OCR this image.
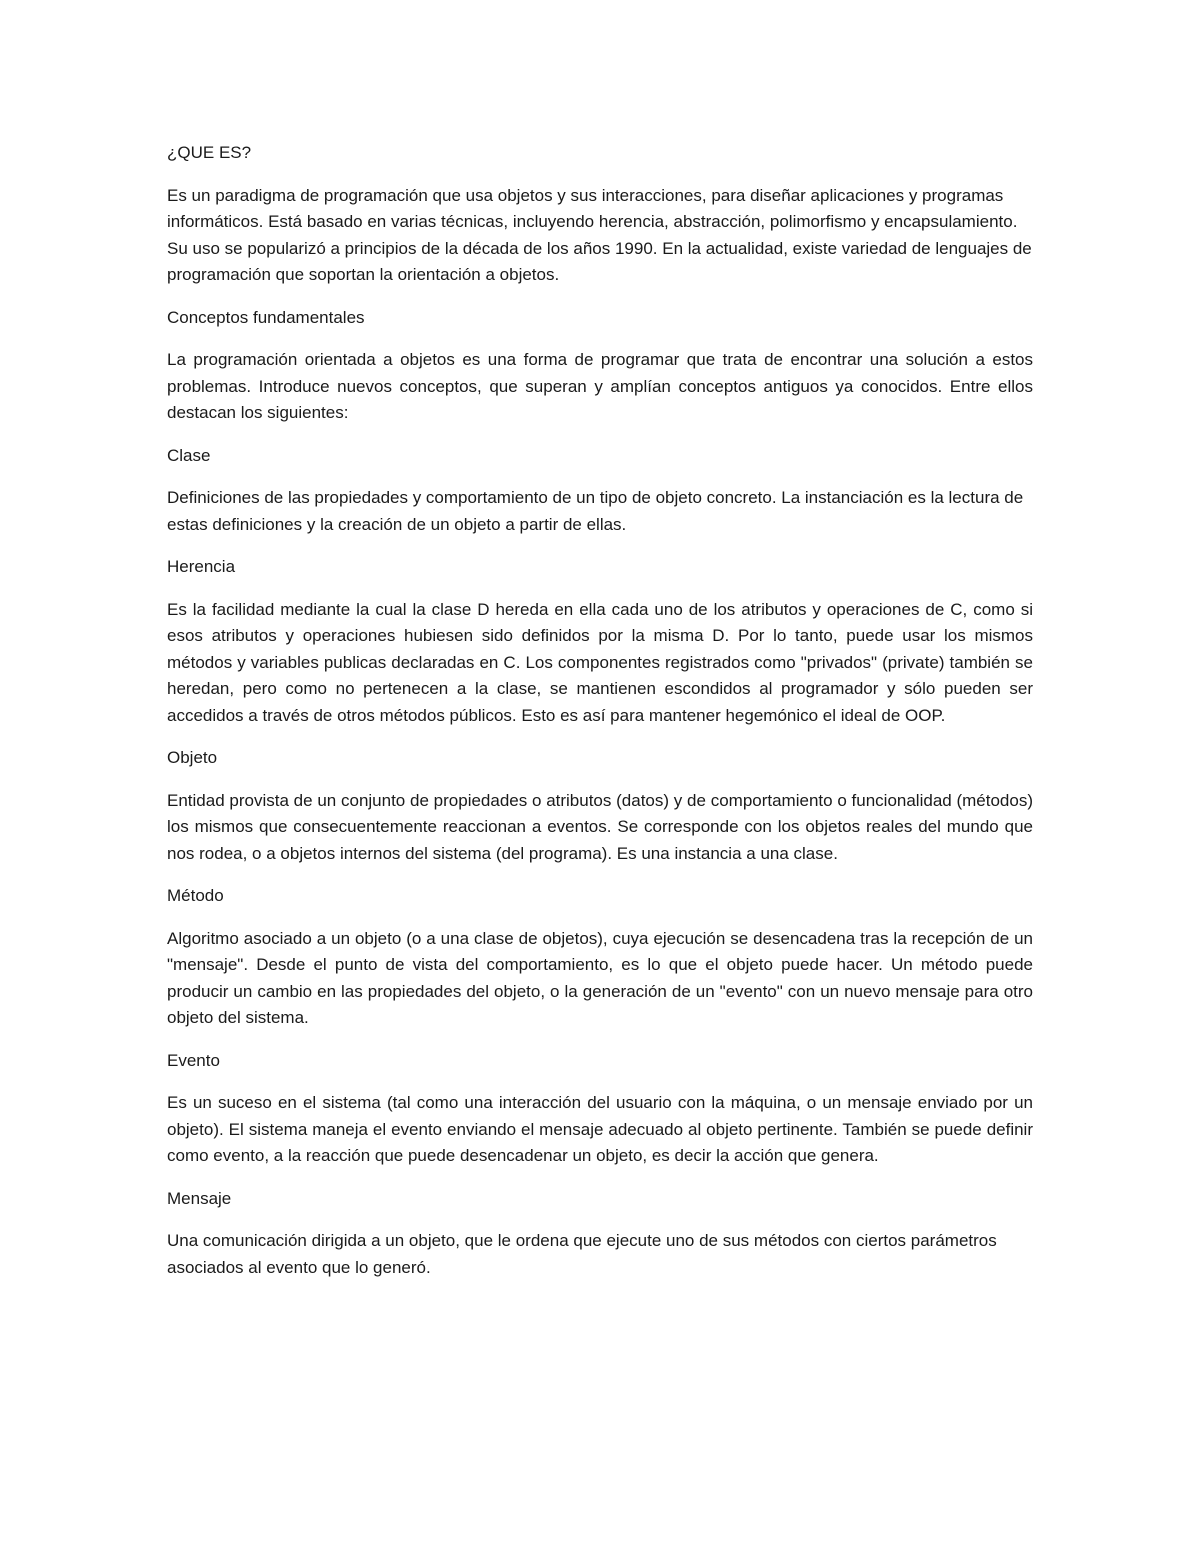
¿QUE ES?

Es un paradigma de programación que usa objetos y sus interacciones, para diseñar aplicaciones y programas informáticos. Está basado en varias técnicas, incluyendo herencia, abstracción, polimorfismo y encapsulamiento. Su uso se popularizó a principios de la década de los años 1990. En la actualidad, existe variedad de lenguajes de programación que soportan la orientación a objetos.

Conceptos fundamentales

La programación orientada a objetos es una forma de programar que trata de encontrar una solución a estos problemas. Introduce nuevos conceptos, que superan y amplían conceptos antiguos ya conocidos. Entre ellos destacan los siguientes:

Clase

Definiciones de las propiedades y comportamiento de un tipo de objeto concreto. La instanciación es la lectura de estas definiciones y la creación de un objeto a partir de ellas.

Herencia

Es la facilidad mediante la cual la clase D hereda en ella cada uno de los atributos y operaciones de C, como si esos atributos y operaciones hubiesen sido definidos por la misma D. Por lo tanto, puede usar los mismos métodos y variables publicas declaradas en C. Los componentes registrados como "privados" (private) también se heredan, pero como no pertenecen a la clase, se mantienen escondidos al programador y sólo pueden ser accedidos a través de otros métodos públicos. Esto es así para mantener hegemónico el ideal de OOP.

Objeto

Entidad provista de un conjunto de propiedades o atributos (datos) y de comportamiento o funcionalidad (métodos) los mismos que consecuentemente reaccionan a eventos. Se corresponde con los objetos reales del mundo que nos rodea, o a objetos internos del sistema (del programa). Es una instancia a una clase.

Método

Algoritmo asociado a un objeto (o a una clase de objetos), cuya ejecución se desencadena tras la recepción de un "mensaje". Desde el punto de vista del comportamiento, es lo que el objeto puede hacer. Un método puede producir un cambio en las propiedades del objeto, o la generación de un "evento" con un nuevo mensaje para otro objeto del sistema.

Evento

Es un suceso en el sistema (tal como una interacción del usuario con la máquina, o un mensaje enviado por un objeto). El sistema maneja el evento enviando el mensaje adecuado al objeto pertinente. También se puede definir como evento, a la reacción que puede desencadenar un objeto, es decir la acción que genera.

Mensaje

Una comunicación dirigida a un objeto, que le ordena que ejecute uno de sus métodos con ciertos parámetros asociados al evento que lo generó.
